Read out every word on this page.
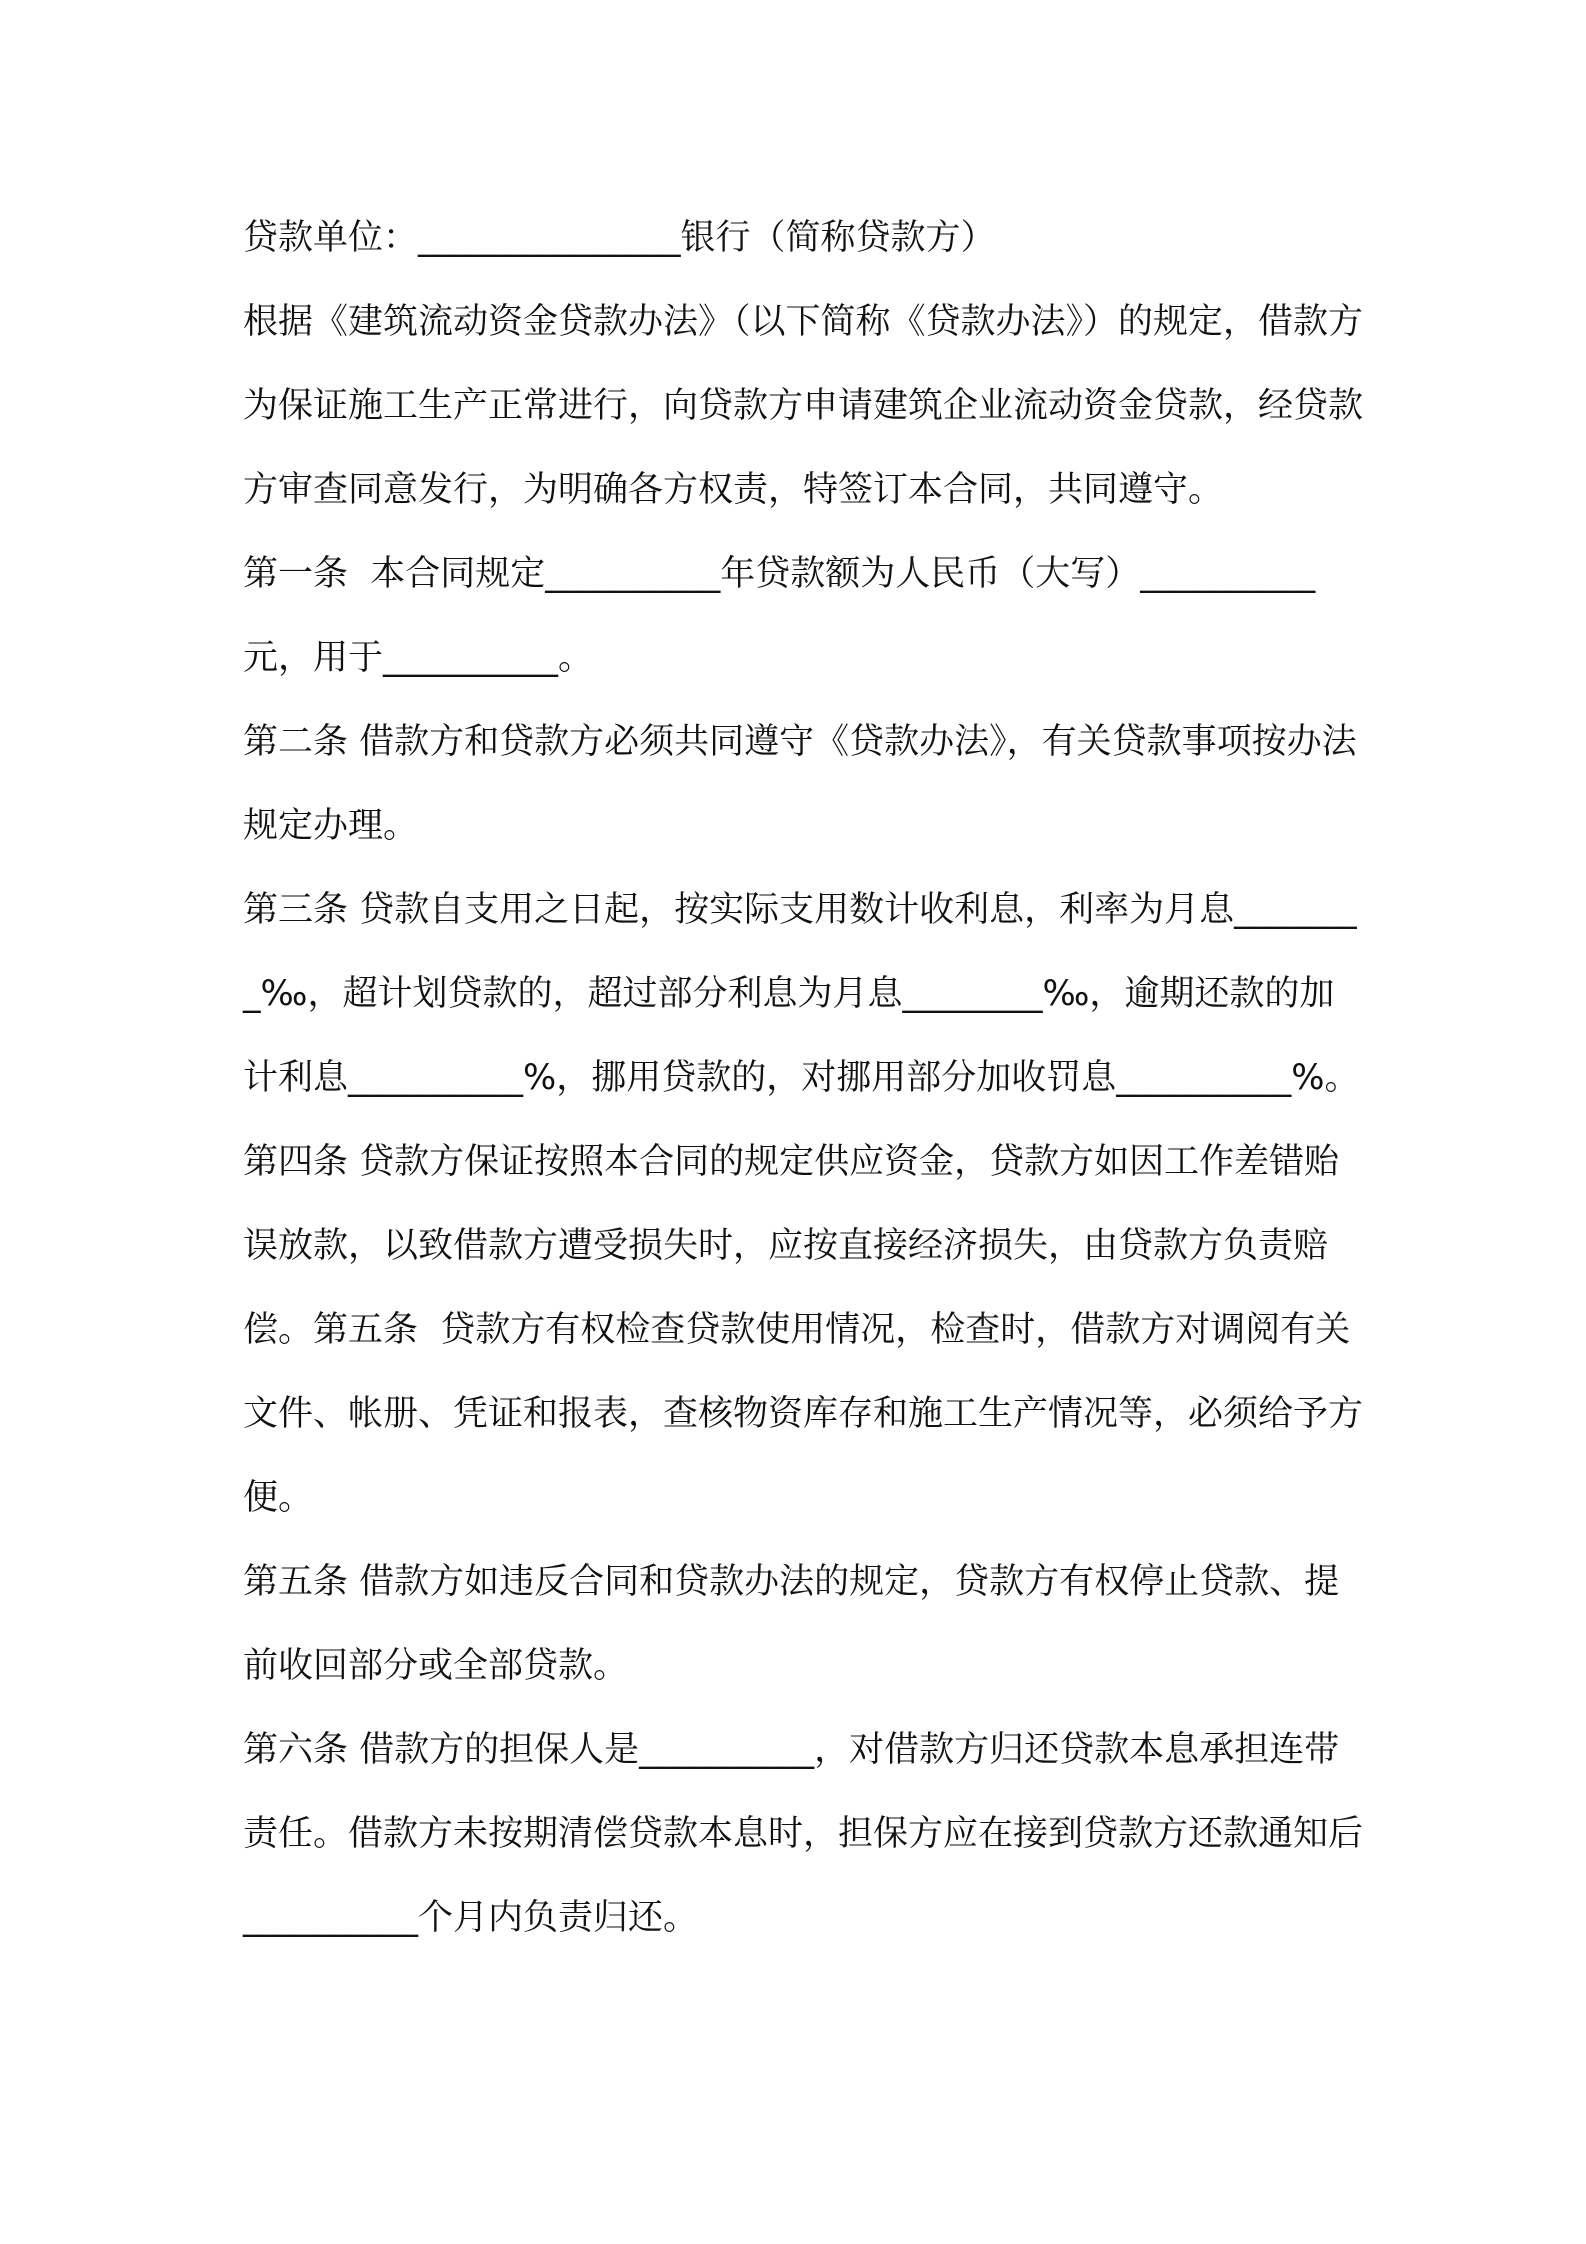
贷款单位：_______________银行（简称贷款方）

根据《建筑流动资金贷款办法》（以下简称《贷款办法》）的规定，借款方为保证施工生产正常进行，向贷款方申请建筑企业流动资金贷款，经贷款方审查同意发行，为明确各方权责，特签订本合同，共同遵守。

第一条  本合同规定__________年贷款额为人民币（大写）__________元，用于__________。

第二条 借款方和贷款方必须共同遵守《贷款办法》，有关贷款事项按办法规定办理。

第三条 贷款自支用之日起，按实际支用数计收利息，利率为月息________‰，超计划贷款的，超过部分利息为月息________‰，逾期还款的加计利息__________%，挪用贷款的，对挪用部分加收罚息__________%。

第四条 贷款方保证按照本合同的规定供应资金，贷款方如因工作差错贻误放款，以致借款方遭受损失时，应按直接经济损失，由贷款方负责赔偿。第五条  贷款方有权检查贷款使用情况，检查时，借款方对调阅有关文件、帐册、凭证和报表，查核物资库存和施工生产情况等，必须给予方便。

第五条 借款方如违反合同和贷款办法的规定，贷款方有权停止贷款、提前收回部分或全部贷款。

第六条 借款方的担保人是__________，对借款方归还贷款本息承担连带责任。借款方未按期清偿贷款本息时，担保方应在接到贷款方还款通知后__________个月内负责归还。
